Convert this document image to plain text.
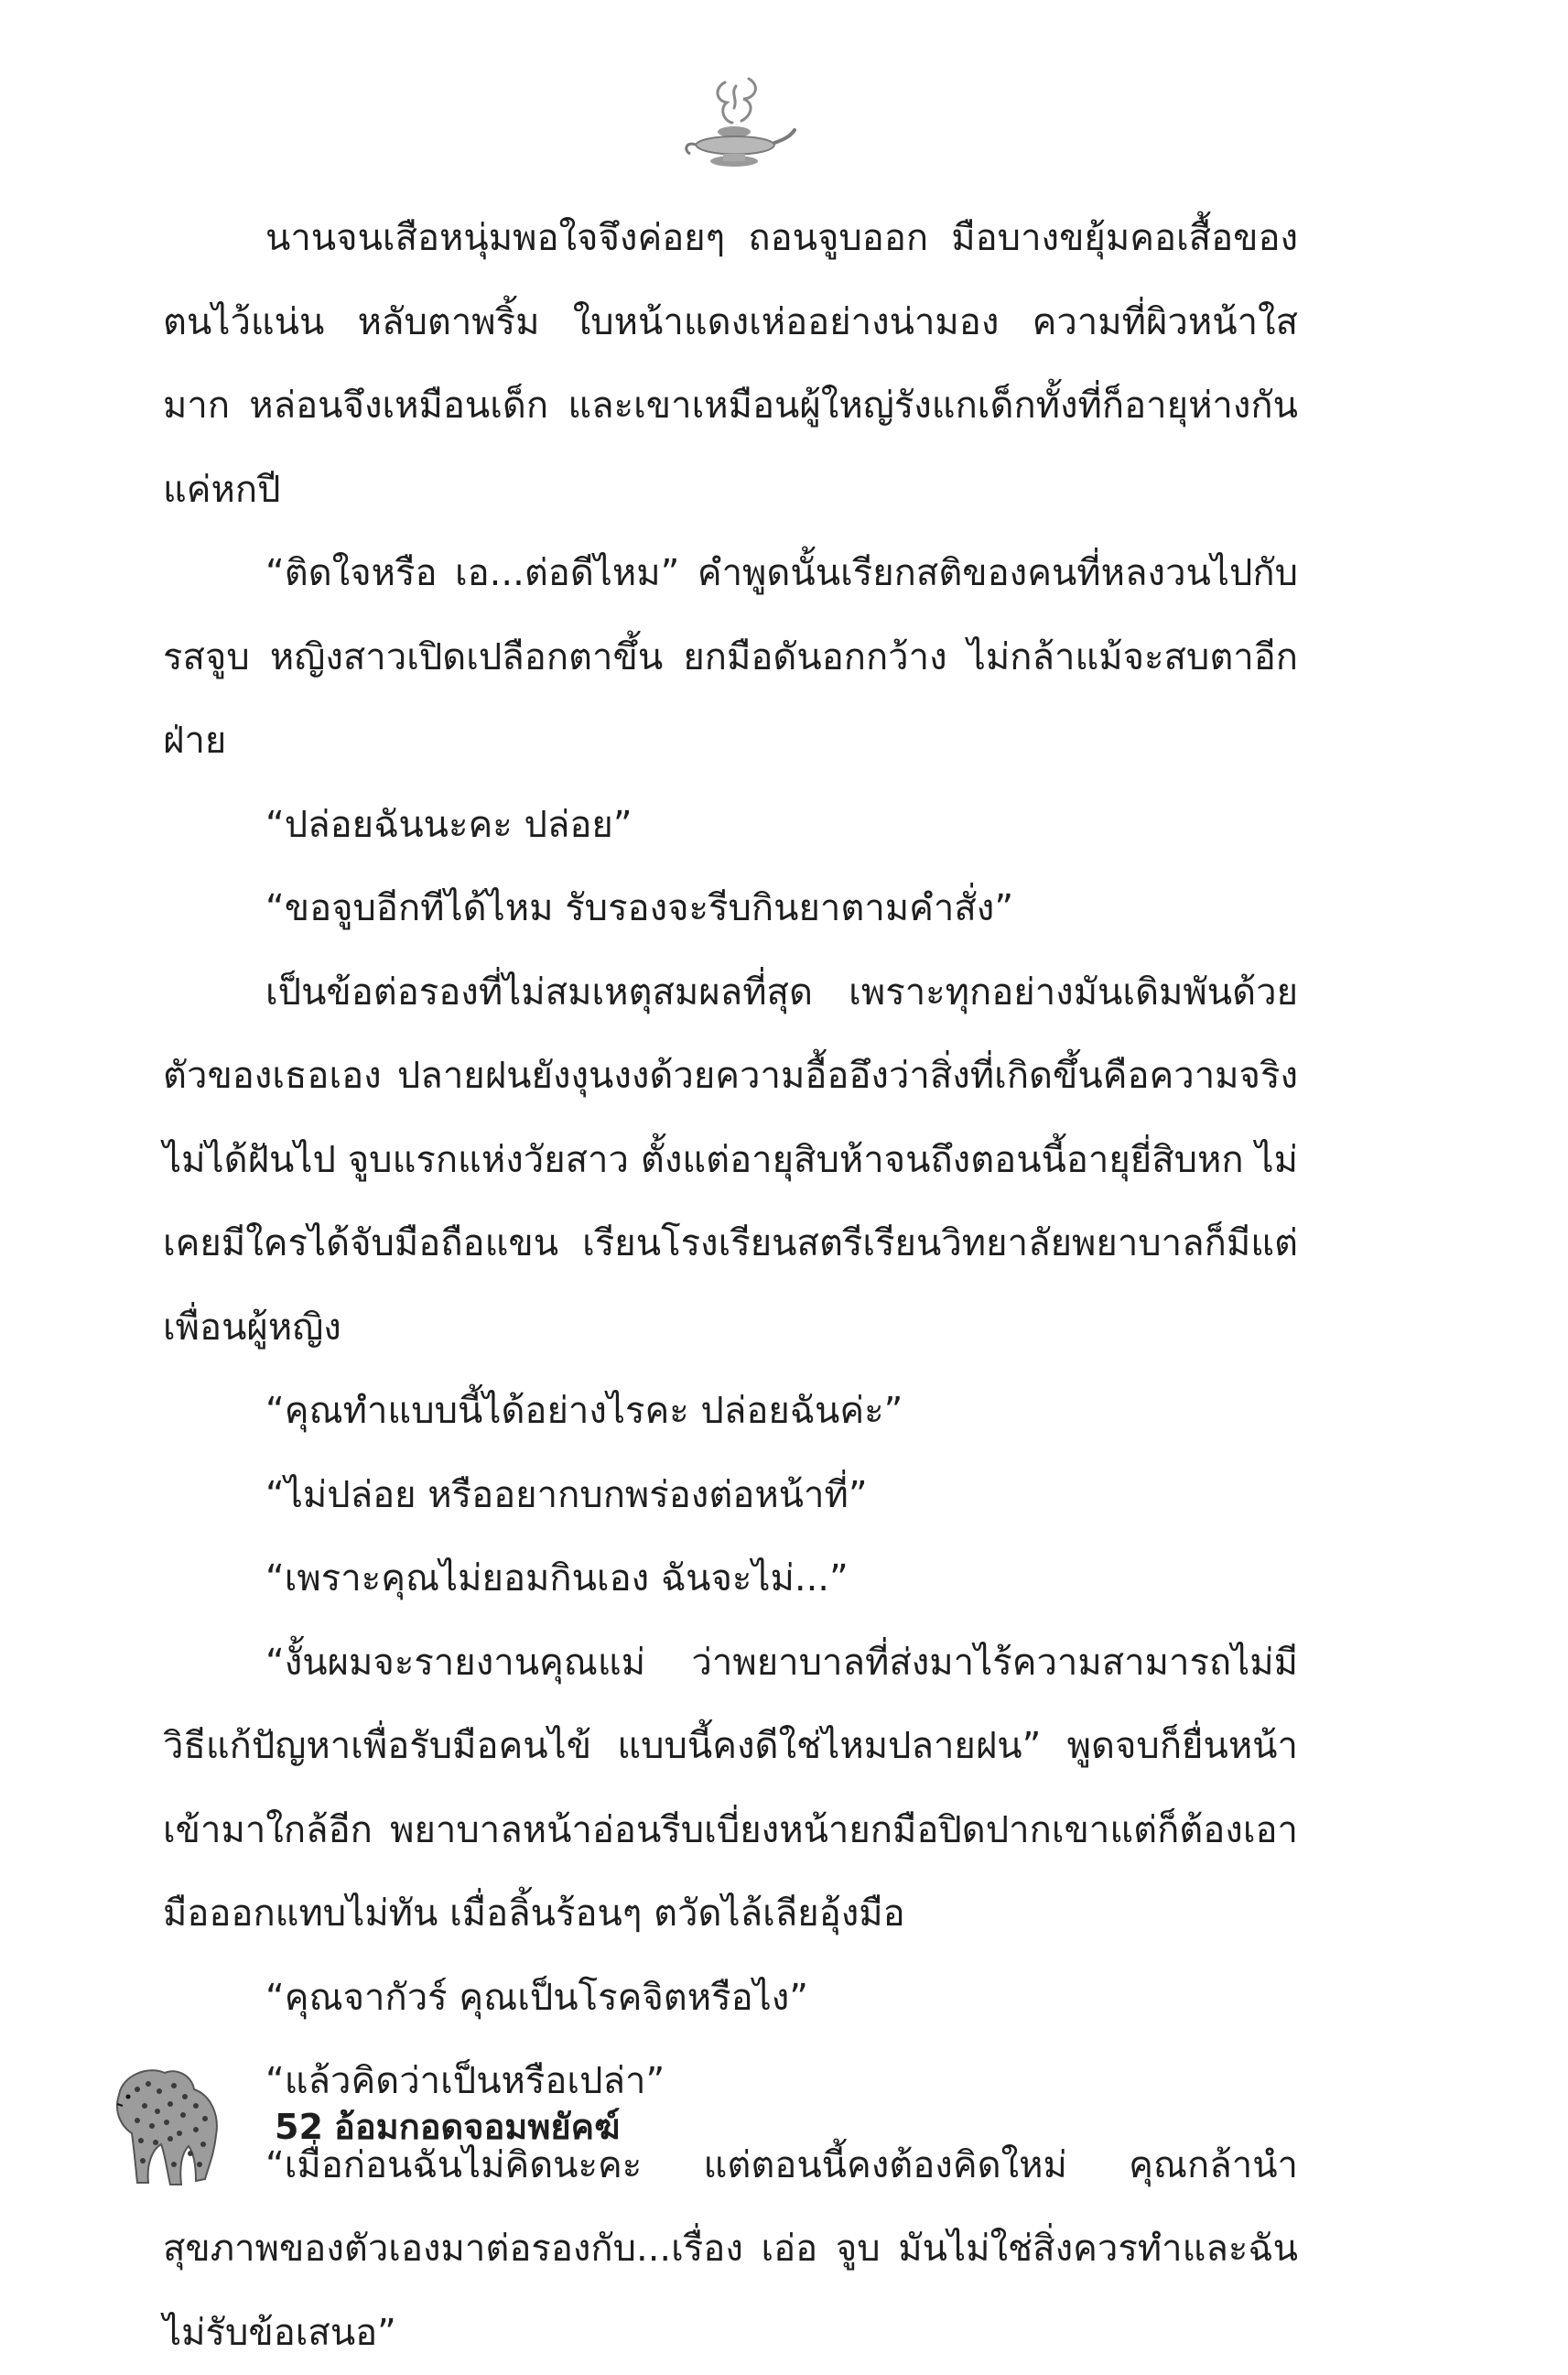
นานจนเสือหนุ่มพอใจจึงค่อยๆ ถอนจูบออก มือบางขยุ้มคอเสื้อของตนไว้แน่น หลับตาพริ้ม ใบหน้าแดงเห่ออย่างน่ามอง ความที่ผิวหน้าใสมาก หล่อนจึงเหมือนเด็ก และเขาเหมือนผู้ใหญ่รังแกเด็กทั้งที่ก็อายุห่างกันแค่หกปี

“ติดใจหรือ เอ...ต่อดีไหม” คำพูดนั้นเรียกสติของคนที่หลงวนไปกับรสจูบ หญิงสาวเปิดเปลือกตาขึ้น ยกมือดันอกกว้าง ไม่กล้าแม้จะสบตาอีกฝ่าย

“ปล่อยฉันนะคะ ปล่อย”

“ขอจูบอีกทีได้ไหม รับรองจะรีบกินยาตามคำสั่ง”

เป็นข้อต่อรองที่ไม่สมเหตุสมผลที่สุด เพราะทุกอย่างมันเดิมพันด้วยตัวของเธอเอง ปลายฝนยังงุนงงด้วยความอื้ออึงว่าสิ่งที่เกิดขึ้นคือความจริงไม่ได้ฝันไป จูบแรกแห่งวัยสาว ตั้งแต่อายุสิบห้าจนถึงตอนนี้อายุยี่สิบหก ไม่เคยมีใครได้จับมือถือแขน เรียนโรงเรียนสตรีเรียนวิทยาลัยพยาบาลก็มีแต่เพื่อนผู้หญิง

“คุณทำแบบนี้ได้อย่างไรคะ ปล่อยฉันค่ะ”

“ไม่ปล่อย หรืออยากบกพร่องต่อหน้าที่”

“เพราะคุณไม่ยอมกินเอง ฉันจะไม่...”

“งั้นผมจะรายงานคุณแม่ ว่าพยาบาลที่ส่งมาไร้ความสามารถไม่มีวิธีแก้ปัญหาเพื่อรับมือคนไข้ แบบนี้คงดีใช่ไหมปลายฝน” พูดจบก็ยื่นหน้าเข้ามาใกล้อีก พยาบาลหน้าอ่อนรีบเบี่ยงหน้ายกมือปิดปากเขาแต่ก็ต้องเอามือออกแทบไม่ทัน เมื่อลิ้นร้อนๆ ตวัดไล้เลียอุ้งมือ

“คุณจากัวร์ คุณเป็นโรคจิตหรือไง”

“แล้วคิดว่าเป็นหรือเปล่า”

“เมื่อก่อนฉันไม่คิดนะคะ แต่ตอนนี้คงต้องคิดใหม่ คุณกล้านำสุขภาพของตัวเองมาต่อรองกับ...เรื่อง เอ่อ จูบ มันไม่ใช่สิ่งควรทำและฉันไม่รับข้อเสนอ”

52 อ้อมกอดจอมพยัคฆ์
